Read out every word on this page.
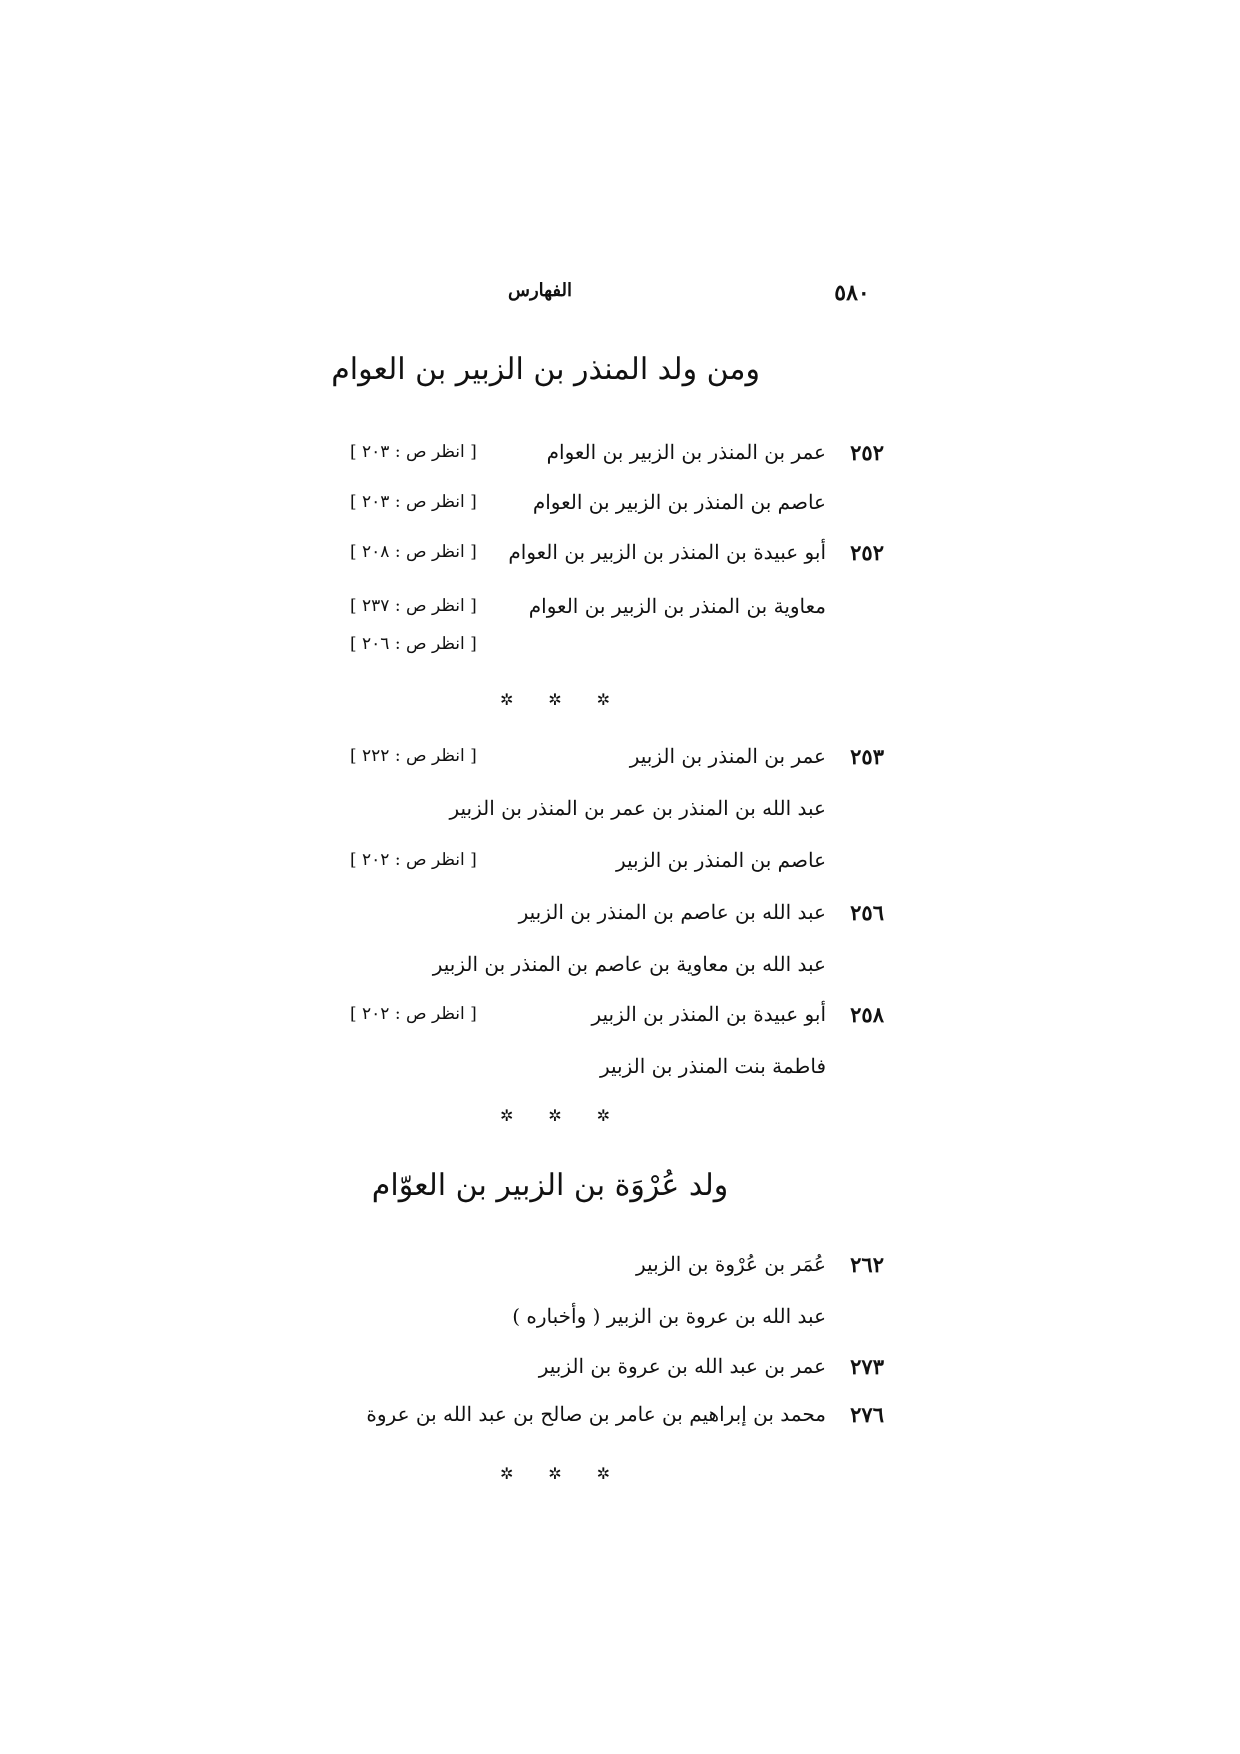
الفهارس	٥٨٠
ومن ولد المنذر بن الزبير بن العوام
٢٥٢
عمر بن المنذر بن الزبير بن العوام
[ انظر ص : ٢٠٣ ]
عاصم بن المنذر بن الزبير بن العوام
[ انظر ص : ٢٠٣ ]
٢٥٢
أبو عبيدة بن المنذر بن الزبير بن العوام
[ انظر ص : ٢٠٨ ]
معاوية بن المنذر بن الزبير بن العوام
[ انظر ص : ٢٣٧ ]
[ انظر ص : ٢٠٦ ]
✲ ✲ ✲
٢٥٣
عمر بن المنذر بن الزبير
[ انظر ص : ٢٢٢ ]
عبد الله بن المنذر بن عمر بن المنذر بن الزبير
عاصم بن المنذر بن الزبير
[ انظر ص : ٢٠٢ ]
٢٥٦
عبد الله بن عاصم بن المنذر بن الزبير
عبد الله بن معاوية بن عاصم بن المنذر بن الزبير
٢٥٨
أبو عبيدة بن المنذر بن الزبير
[ انظر ص : ٢٠٢ ]
فاطمة بنت المنذر بن الزبير
✲ ✲ ✲
ولد عُرْوَة بن الزبير بن العوّام
٢٦٢
عُمَر بن عُرْوة بن الزبير
عبد الله بن عروة بن الزبير ( وأخباره )
٢٧٣
عمر بن عبد الله بن عروة بن الزبير
٢٧٦
محمد بن إبراهيم بن عامر بن صالح بن عبد الله بن عروة
✲ ✲ ✲
